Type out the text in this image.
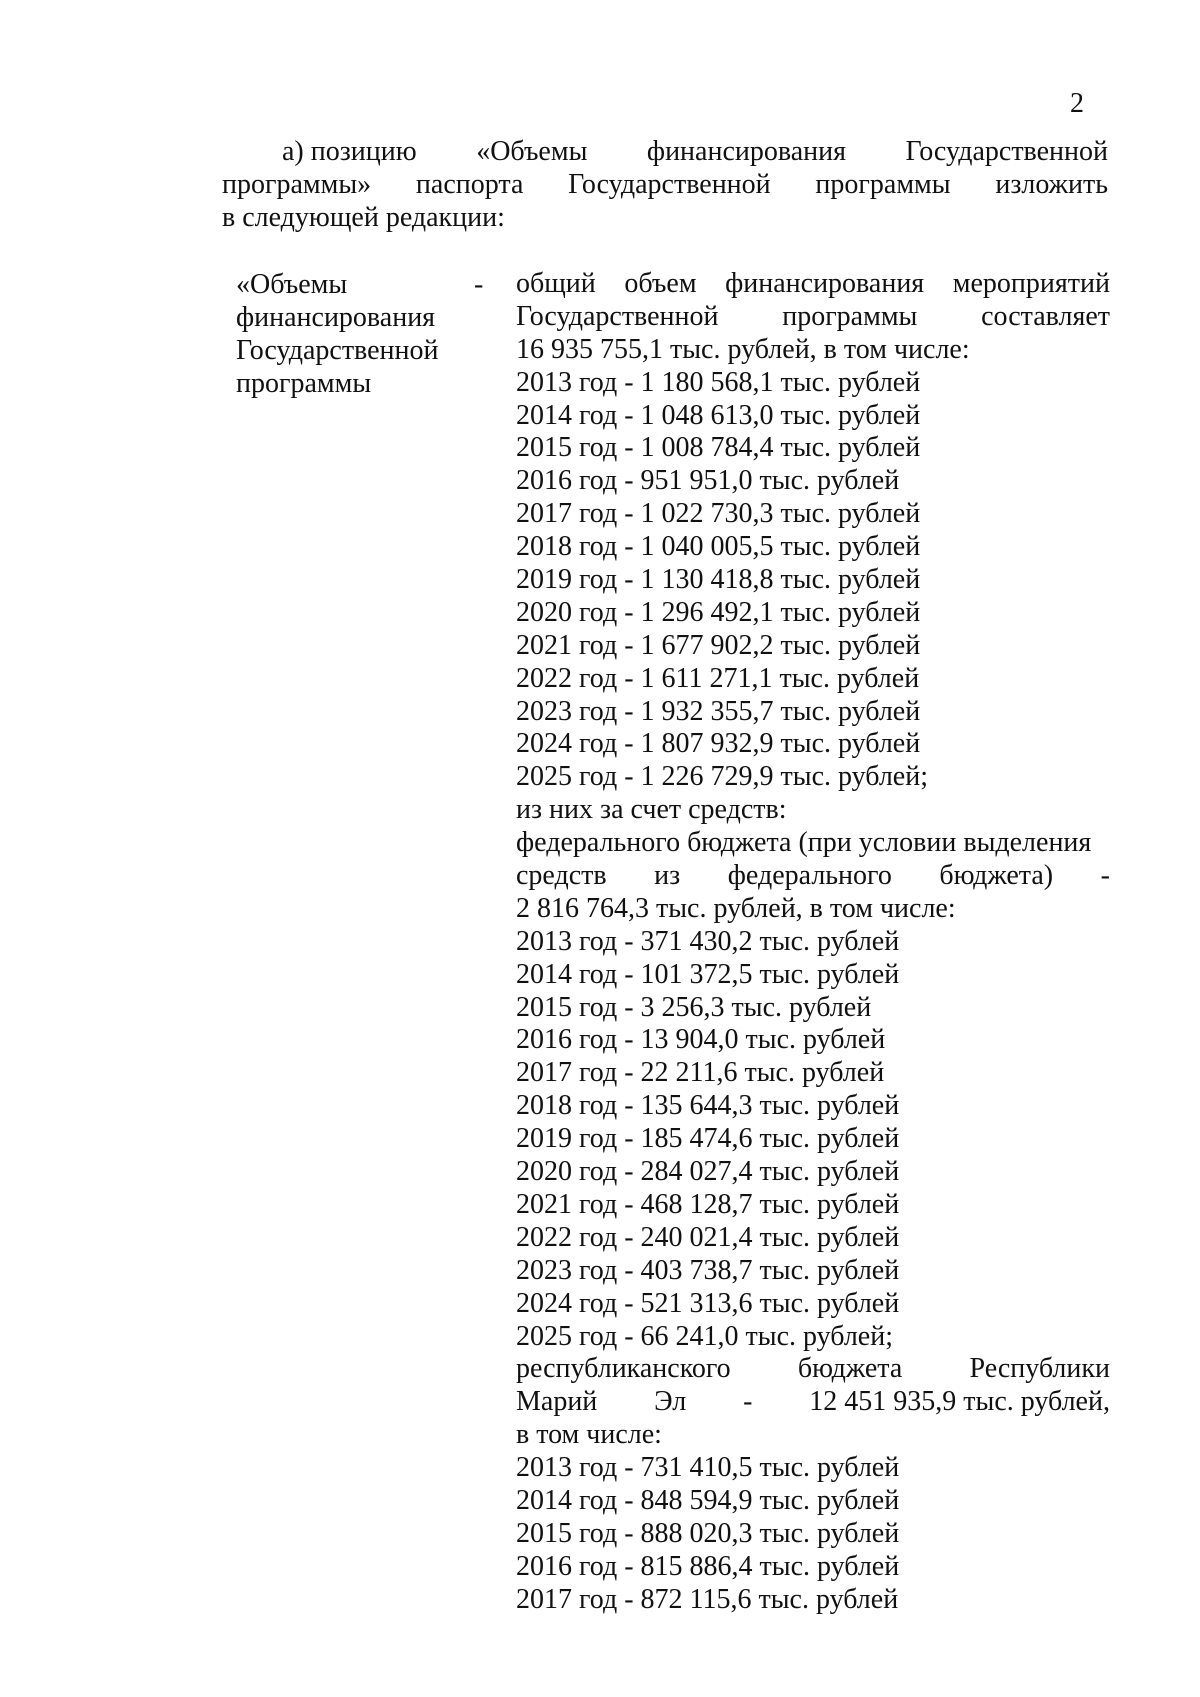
2
а) позицию «Объемы финансирования Государственной
программы» паспорта Государственной программы изложить
в следующей редакции:
«Объемы
финансирования
Государственной
программы
- общий объем финансирования мероприятий
Государственной программы составляет
16 935 755,1 тыс. рублей, в том числе:
2013 год - 1 180 568,1 тыс. рублей
2014 год - 1 048 613,0 тыс. рублей
2015 год - 1 008 784,4 тыс. рублей
2016 год - 951 951,0 тыс. рублей
2017 год - 1 022 730,3 тыс. рублей
2018 год - 1 040 005,5 тыс. рублей
2019 год - 1 130 418,8 тыс. рублей
2020 год - 1 296 492,1 тыс. рублей
2021 год - 1 677 902,2 тыс. рублей
2022 год - 1 611 271,1 тыс. рублей
2023 год - 1 932 355,7 тыс. рублей
2024 год - 1 807 932,9 тыс. рублей
2025 год - 1 226 729,9 тыс. рублей;
из них за счет средств:
федерального бюджета (при условии выделения
средств из федерального бюджета) -
2 816 764,3 тыс. рублей, в том числе:
2013 год - 371 430,2 тыс. рублей
2014 год - 101 372,5 тыс. рублей
2015 год - 3 256,3 тыс. рублей
2016 год - 13 904,0 тыс. рублей
2017 год - 22 211,6 тыс. рублей
2018 год - 135 644,3 тыс. рублей
2019 год - 185 474,6 тыс. рублей
2020 год - 284 027,4 тыс. рублей
2021 год - 468 128,7 тыс. рублей
2022 год - 240 021,4 тыс. рублей
2023 год - 403 738,7 тыс. рублей
2024 год - 521 313,6 тыс. рублей
2025 год - 66 241,0 тыс. рублей;
республиканского бюджета Республики
Марий Эл - 12 451 935,9 тыс. рублей,
в том числе:
2013 год - 731 410,5 тыс. рублей
2014 год - 848 594,9 тыс. рублей
2015 год - 888 020,3 тыс. рублей
2016 год - 815 886,4 тыс. рублей
2017 год - 872 115,6 тыс. рублей
